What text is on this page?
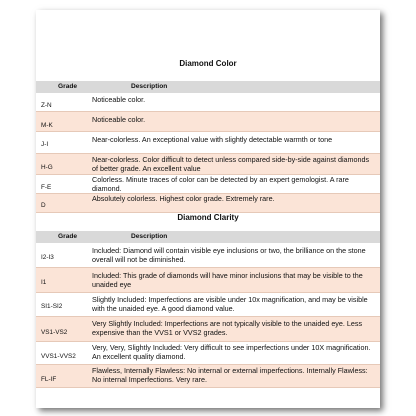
Diamond Color
Grade	Description
Z-N
Noticeable color.
M-K
Noticeable color.
J-I
Near-colorless. An exceptional value with slightly detectable warmth or tone
H-G
Near-colorless. Color difficult to detect unless compared side-by-side against diamonds of better grade. An excellent value
F-E
Colorless. Minute traces of color can be detected by an expert gemologist. A rare diamond.
D
Absolutely colorless. Highest color grade. Extremely rare.
Diamond Clarity
Grade	Description
I2-I3
Included: Diamond will contain visible eye inclusions or two, the brilliance on the stone overall will not be diminished.
I1
Included: This grade of diamonds will have minor inclusions that may be visible to the unaided eye
SI1-SI2
Slightly Included: Imperfections are visible under 10x magnification, and may be visible with the unaided eye. A good diamond value.
VS1-VS2
Very Slightly Included: Imperfections are not typically visible to the unaided eye. Less expensive than the VVS1 or VVS2 grades.
VVS1-VVS2
Very, Very, Slightly Included: Very difficult to see imperfections under 10X magnification. An excellent quality diamond.
FL-IF
Flawless, Internally Flawless: No internal or external imperfections. Internally Flawless: No internal Imperfections. Very rare.
